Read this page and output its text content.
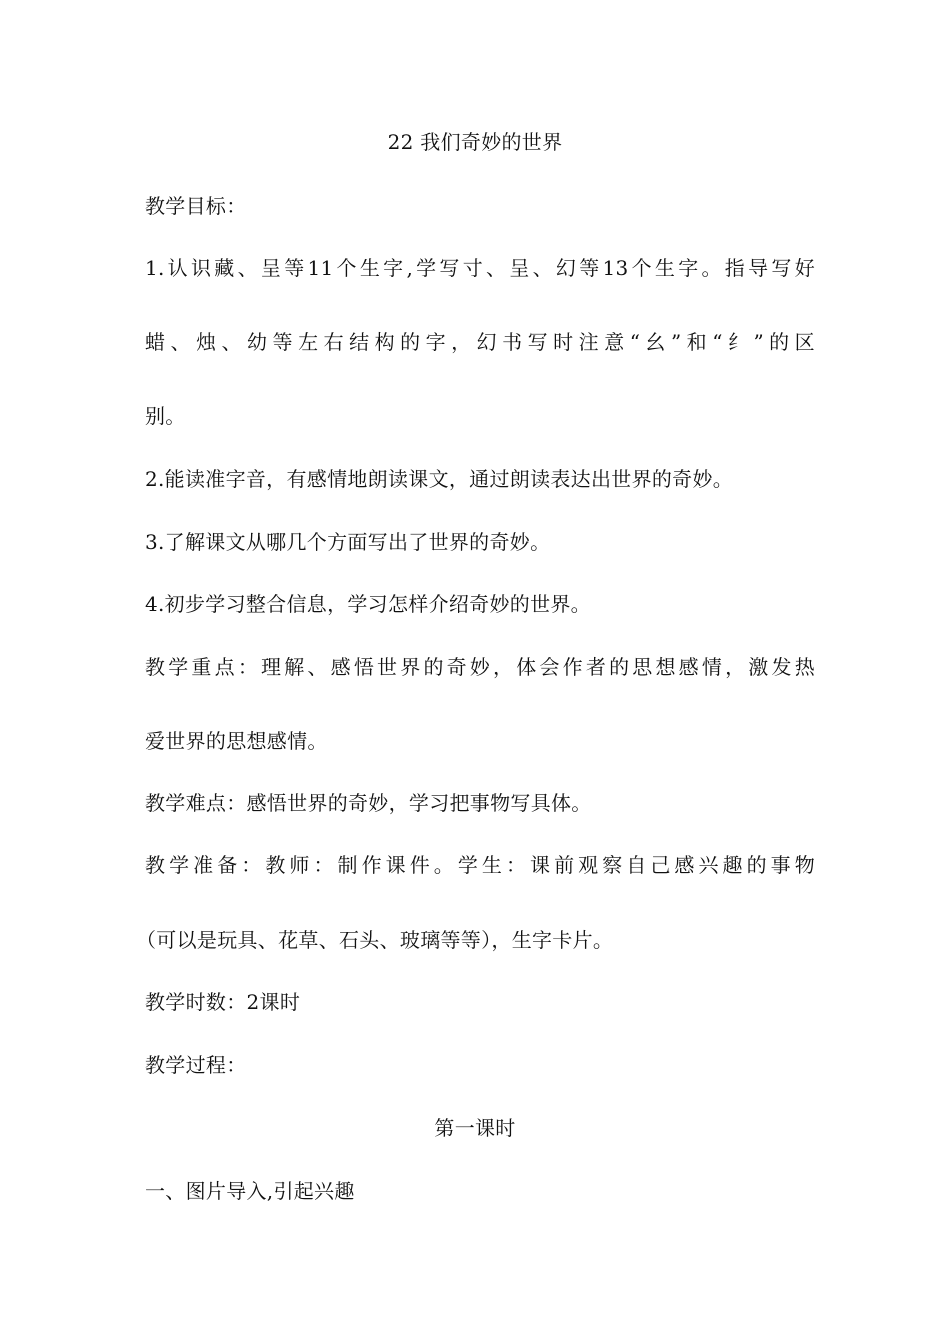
22 我们奇妙的世界
教学目标：
1.认识藏、呈等11个生字,学写寸、呈、幻等13个生字。指导写好
蜡、烛、幼等左右结构的字，幻书写时注意“幺”和“纟”的区
别。
2.能读准字音，有感情地朗读课文，通过朗读表达出世界的奇妙。
3.了解课文从哪几个方面写出了世界的奇妙。
4.初步学习整合信息，学习怎样介绍奇妙的世界。
教学重点：理解、感悟世界的奇妙，体会作者的思想感情，激发热
爱世界的思想感情。
教学难点：感悟世界的奇妙，学习把事物写具体。
教学准备：教师：制作课件。学生：课前观察自己感兴趣的事物
（可以是玩具、花草、石头、玻璃等等），生字卡片。
教学时数：2课时
教学过程：
第一课时
一、图片导入,引起兴趣
